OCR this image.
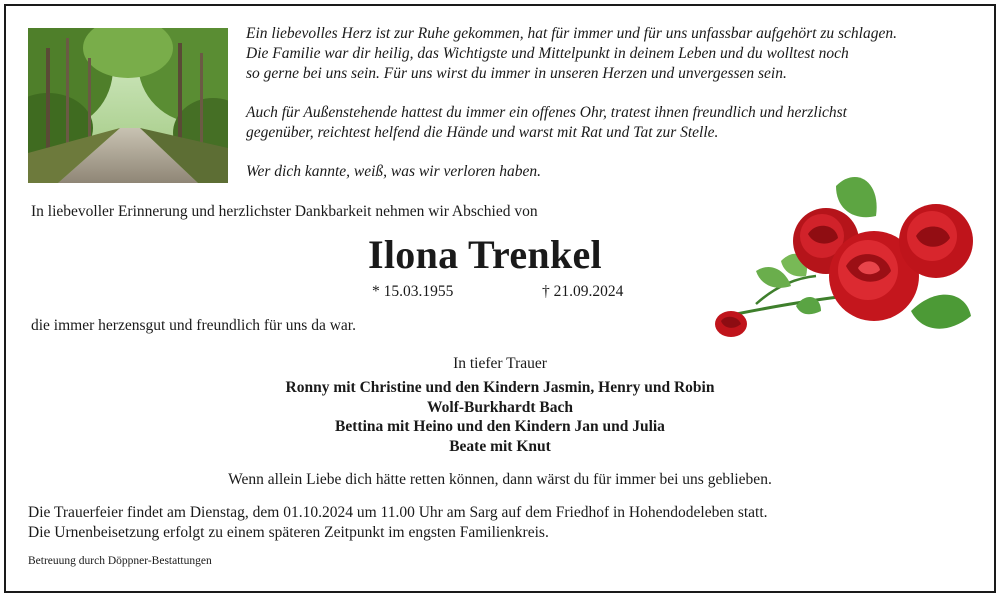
Ein liebevolles Herz ist zur Ruhe gekommen, hat für immer und für uns unfassbar aufgehört zu schlagen.

Die Familie war dir heilig, das Wichtigste und Mittelpunkt in deinem Leben und du wolltest noch

so gerne bei uns sein. Für uns wirst du immer in unseren Herzen und unvergessen sein.

Auch für Außenstehende hattest du immer ein offenes Ohr, tratest ihnen freundlich und herzlichst

gegenüber, reichtest helfend die Hände und warst mit Rat und Tat zur Stelle.

Wer dich kannte, weiß, was wir verloren haben.

In liebevoller Erinnerung und herzlichster Dankbarkeit nehmen wir Abschied von
Ilona Trenkel
* 15.03.1955	† 21.09.2024
die immer herzensgut und freundlich für uns da war.
In tiefer Trauer
Ronny mit Christine und den Kindern Jasmin, Henry und Robin
Wolf-Burkhardt Bach
Bettina mit Heino und den Kindern Jan und Julia
Beate mit Knut
Wenn allein Liebe dich hätte retten können, dann wärst du für immer bei uns geblieben.
Die Trauerfeier findet am Dienstag, dem 01.10.2024 um 11.00 Uhr am Sarg auf dem Friedhof in Hohendodeleben statt.
Die Urnenbeisetzung erfolgt zu einem späteren Zeitpunkt im engsten Familienkreis.
Betreuung durch Döppner-Bestattungen
